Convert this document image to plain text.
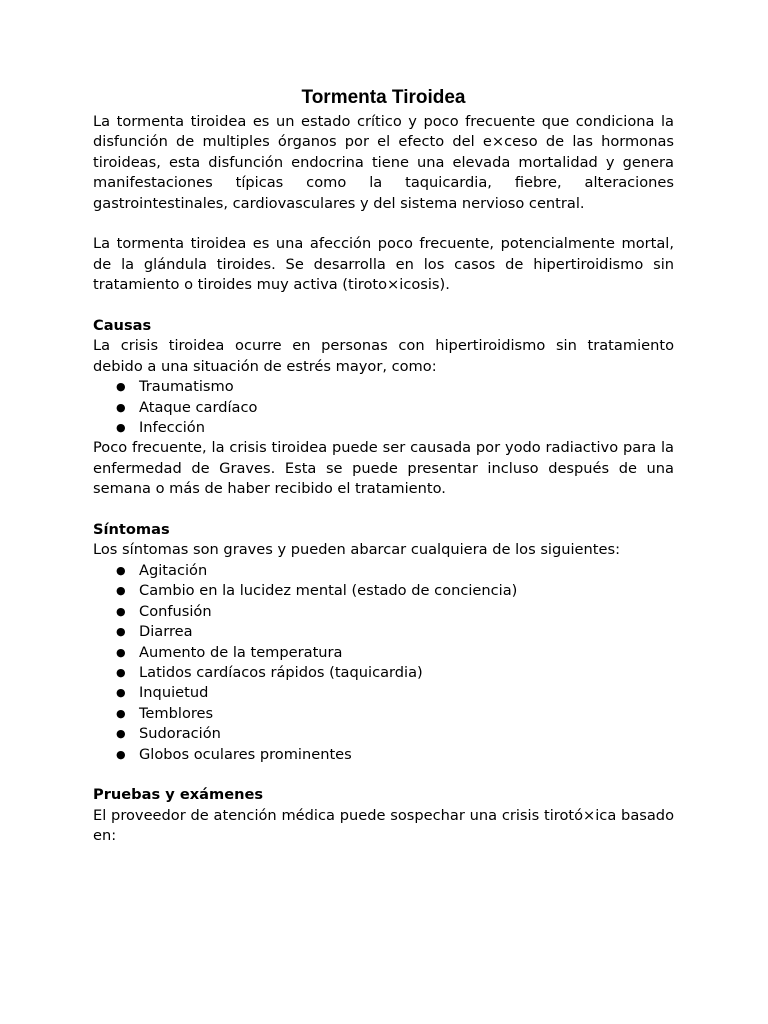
Tormenta Tiroidea

La tormenta tiroidea es un estado crítico y poco frecuente que condiciona la disfunción de multiples órganos por el efecto del e×ceso de las hormonas tiroideas, esta disfunción endocrina tiene una elevada mortalidad y genera manifestaciones típicas como la taquicardia, fiebre, alteraciones gastrointestinales, cardiovasculares y del sistema nervioso central.

La tormenta tiroidea es una afección poco frecuente, potencialmente mortal, de la glándula tiroides. Se desarrolla en los casos de hipertiroidismo sin tratamiento o tiroides muy activa (tiroto×icosis).

Causas

La crisis tiroidea ocurre en personas con hipertiroidismo sin tratamiento debido a una situación de estrés mayor, como:

● Traumatismo
● Ataque cardíaco
● Infección

Poco frecuente, la crisis tiroidea puede ser causada por yodo radiactivo para la enfermedad de Graves. Esta se puede presentar incluso después de una semana o más de haber recibido el tratamiento.

Síntomas

Los síntomas son graves y pueden abarcar cualquiera de los siguientes:

● Agitación
● Cambio en la lucidez mental (estado de conciencia)
● Confusión
● Diarrea
● Aumento de la temperatura
● Latidos cardíacos rápidos (taquicardia)
● Inquietud
● Temblores
● Sudoración
● Globos oculares prominentes
Pruebas y exámenes

El proveedor de atención médica puede sospechar una crisis tirotó×ica basado en:
